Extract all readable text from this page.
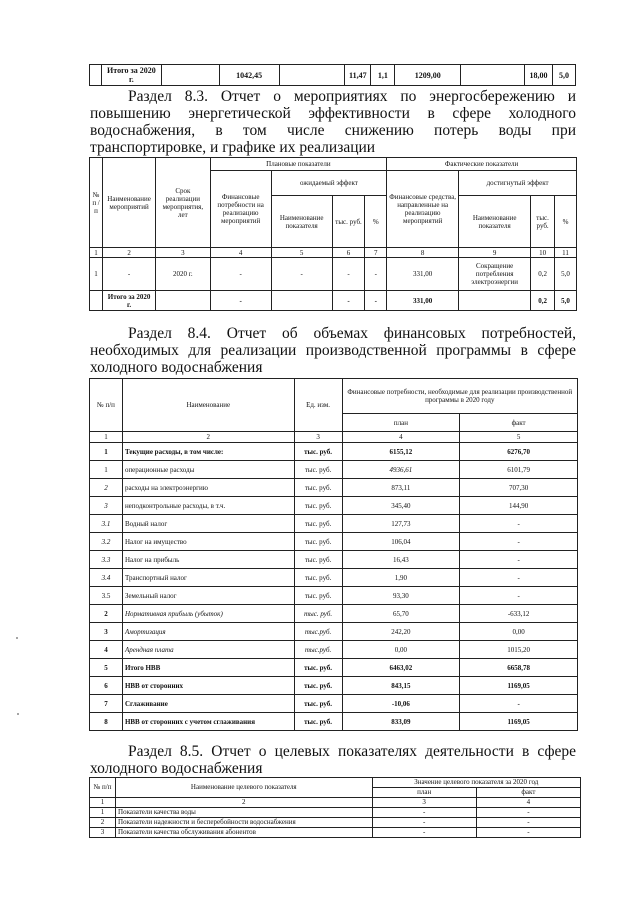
	Итого за 2020 г.		1042,45		11,47	1,1	1209,00		18,00	5,0

Раздел 8.3. Отчет о мероприятиях по энергосбережению и повышению энергетической эффективности в сфере холодного водоснабжения, в том числе снижению потерь воды при транспортировке, и графике их реализации

№ п / п	Наименование мероприятий	Срок реализации мероприятия, лет	Плановые показатели				Фактические показатели			
			Финансовые потребности на реализацию мероприятий	ожидаемый эффект			Финансовые средства, направленные на реализацию мероприятий	достигнутый эффект		
				Наименование показателя	тыс. руб.	%		Наименование показателя	тыс. руб.	%
1	2	3	4	5	6	7	8	9	10	11
1	-	2020 г.	-	-	-	-	331,00	Сокращение потребления электроэнергии	0,2	5,0
	Итого за 2020 г.		-		-	-	331,00		0,2	5,0

Раздел 8.4. Отчет об объемах финансовых потребностей, необходимых для реализации производственной программы в сфере холодного водоснабжения

№ п/п	Наименование	Ед. изм.	Финансовые потребности, необходимые для реализации производственной программы в 2020 году	
			план	факт
1	2	3	4	5
1	Текущие расходы, в том числе:	тыс. руб.	6155,12	6276,70
1	операционные расходы	тыс. руб.	4936,61	6101,79
2	расходы на электроэнергию	тыс. руб.	873,11	707,30
3	неподконтрольные расходы, в т.ч.	тыс. руб.	345,40	144,90
3.1	Водный налог	тыс. руб.	127,73	-
3.2	Налог на имущество	тыс. руб.	106,04	-
3.3	Налог на прибыль	тыс. руб.	16,43	-
3.4	Транспортный налог	тыс. руб.	1,90	-
3.5	Земельный налог	тыс. руб.	93,30	-
2	Нормативная прибыль (убыток)	тыс. руб.	65,70	-633,12
3	Амортизация	тыс.руб.	242,20	0,00
4	Арендная плата	тыс.руб.	0,00	1015,20
5	Итого НВВ	тыс. руб.	6463,02	6658,78
6	НВВ от сторонних	тыс. руб.	843,15	1169,05
7	Сглаживание	тыс. руб.	-10,06	-
8	НВВ от сторонних с учетом сглаживания	тыс. руб.	833,09	1169,05

Раздел 8.5. Отчет о целевых показателях деятельности в сфере холодного водоснабжения

№ п/п	Наименование целевого показателя	Значение целевого показателя за 2020 год	
		план	факт
1	2	3	4
1	Показатели качества воды	-	-
2	Показатели надежности и бесперебойности водоснабжения	-	-
3	Показатели качества обслуживания абонентов	-	-
